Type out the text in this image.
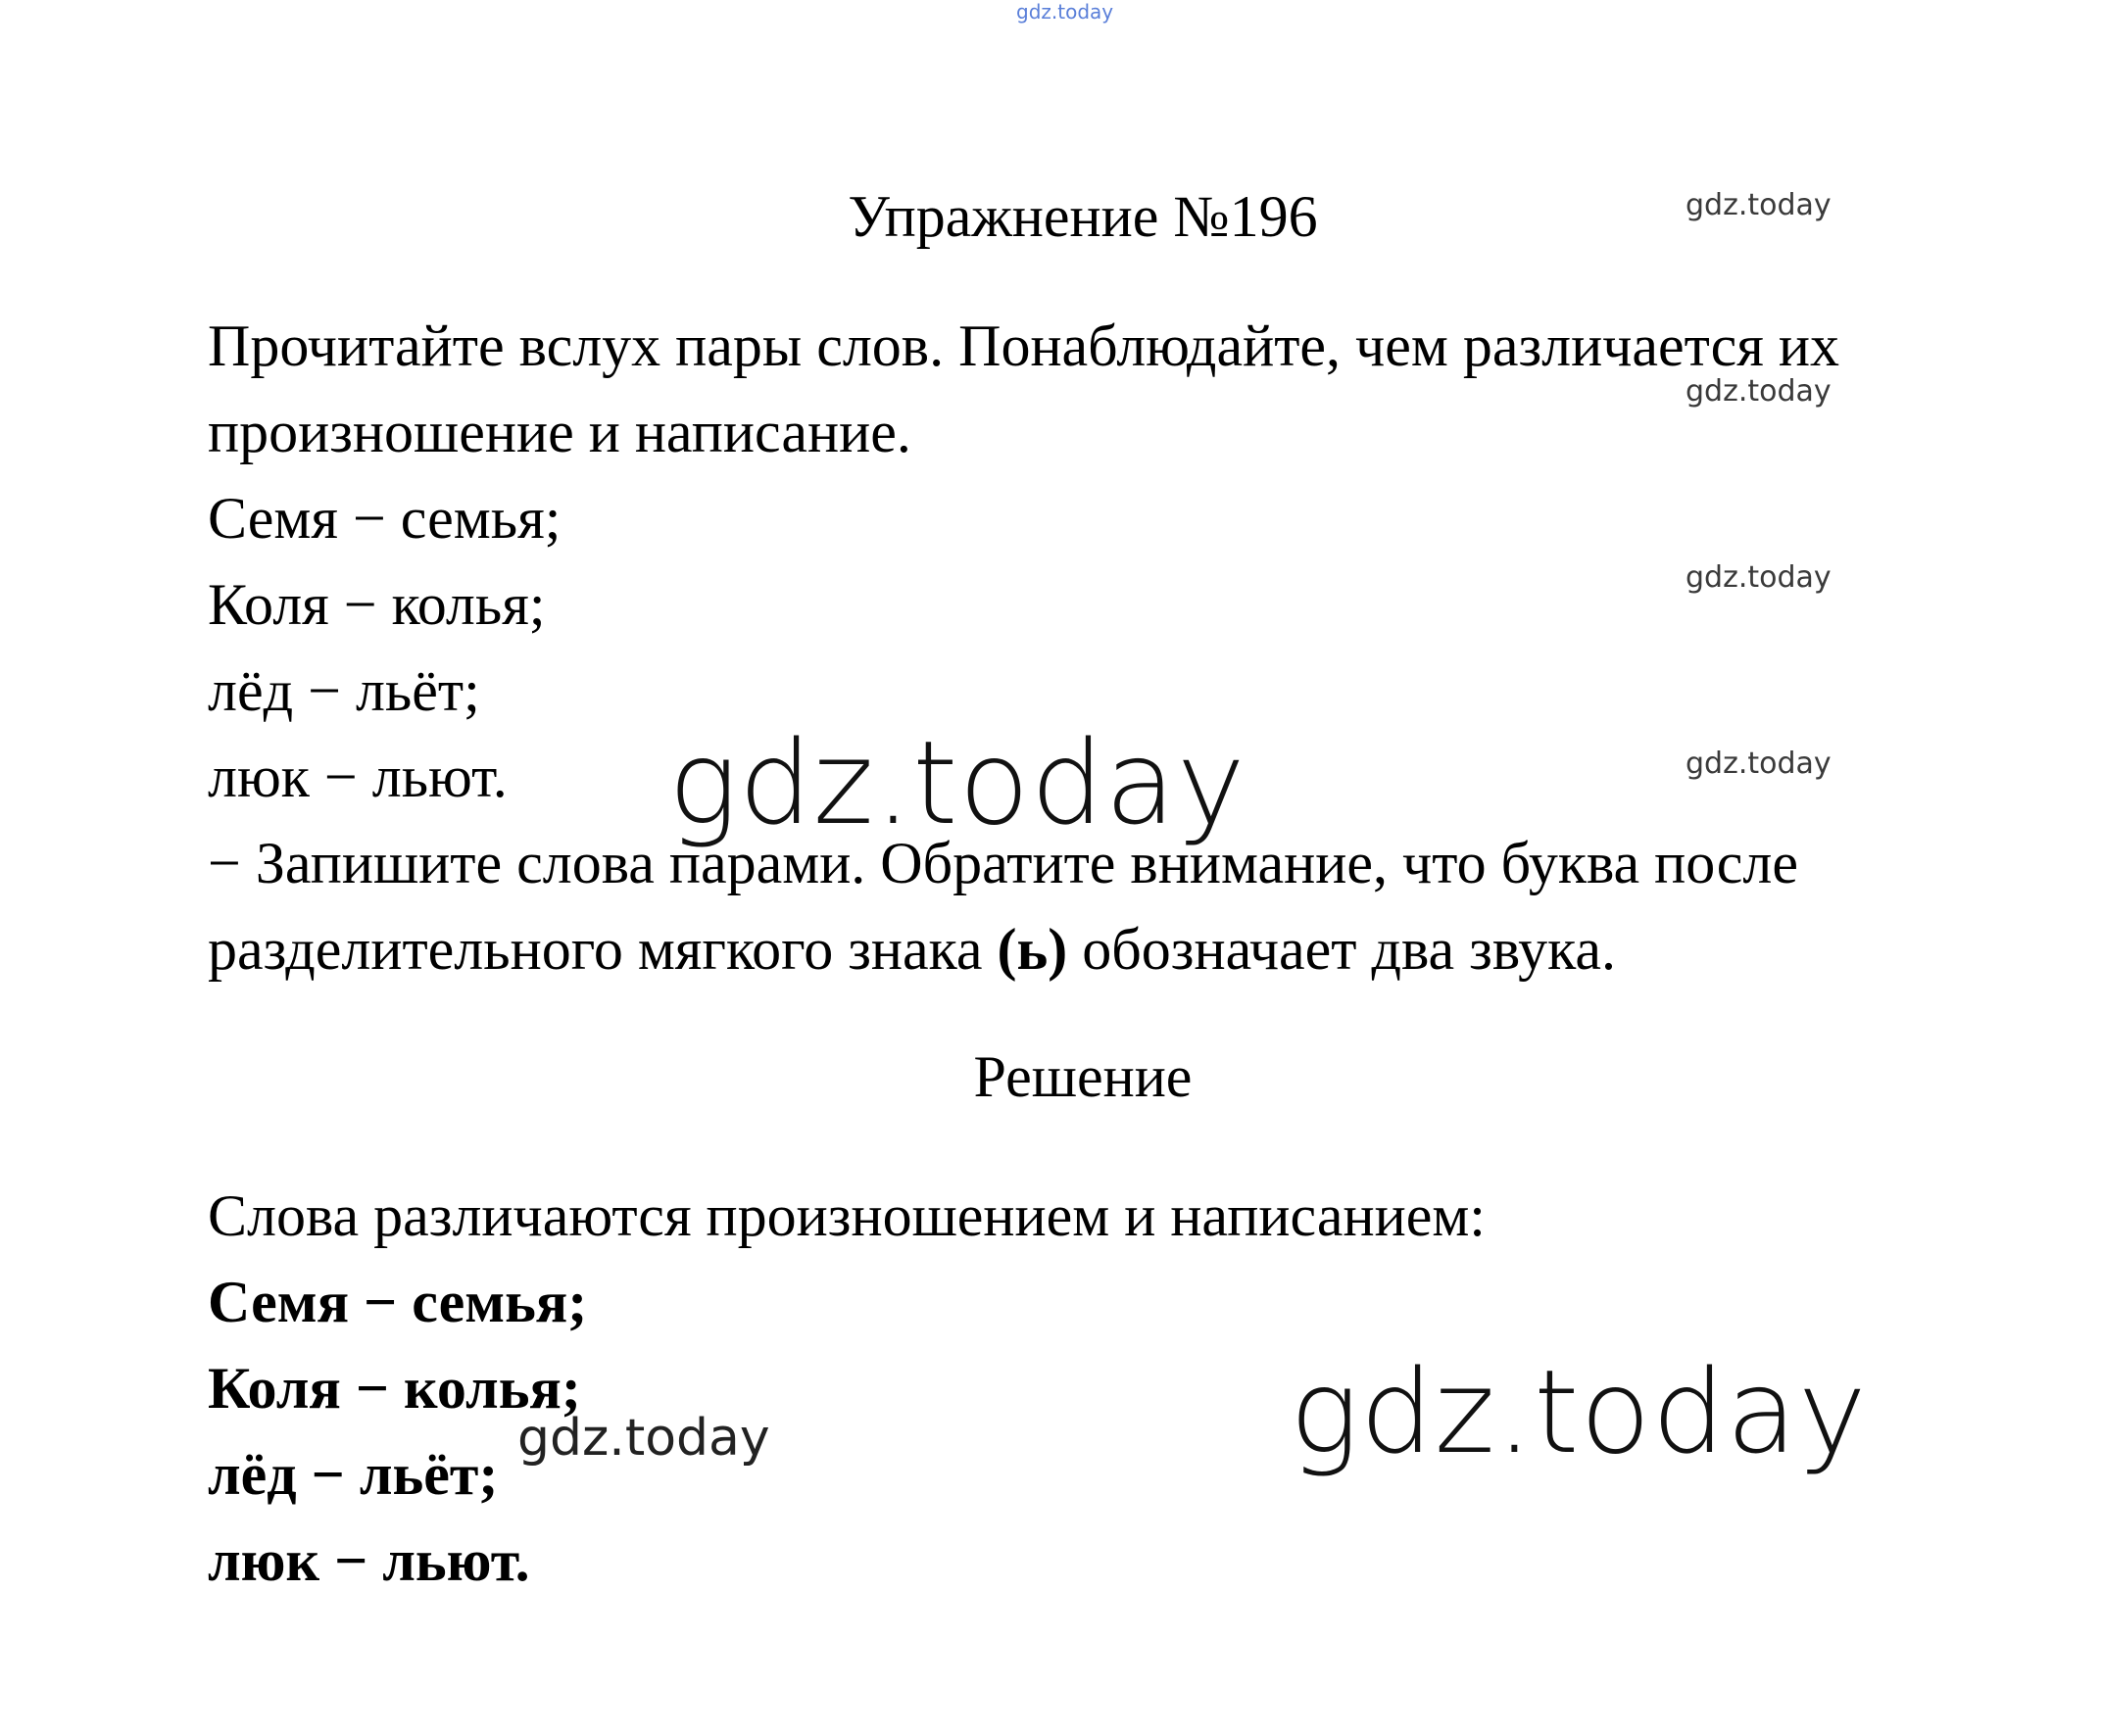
gdz.today
Упражнение №196	gdz.today
gdz.today
gdz.today
gdz.today
Прочитайте вслух пары слов. Понаблюдайте, чем различается их
произношение и написание.
Семя − семья;
Коля − колья;
лёд − льёт;
люк − льют. gdz.today
− Запишите слова парами. Обратите внимание, что буква после
разделительного мягкого знака (ь) обозначает два звука.
Решение
Слова различаются произношением и написанием:
Семя − семья;
Коля − колья;
лёд − льёт;
люк − льют.
gdz.today	gdz.today
